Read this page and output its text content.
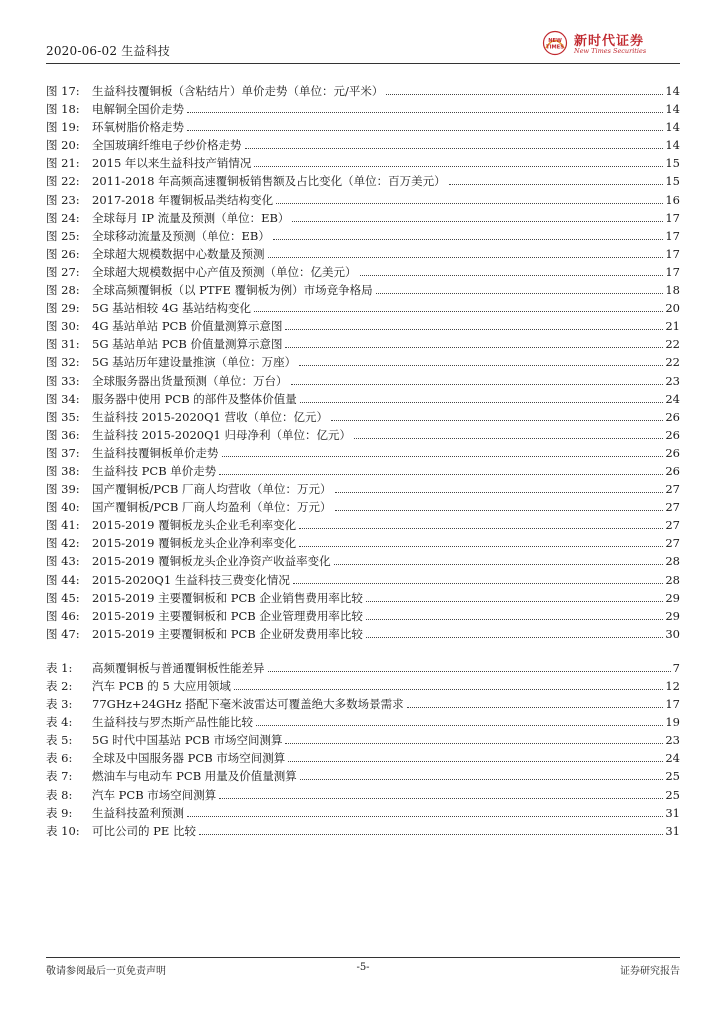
2020-06-02 生益科技
NEW
TIMES 新时代证券
New Times Securities
图 17:	生益科技覆铜板（含粘结片）单价走势（单位：元/平米）	14
图 18:	电解铜全国价走势	14
图 19:	环氧树脂价格走势	14
图 20:	全国玻璃纤维电子纱价格走势	14
图 21:	2015 年以来生益科技产销情况	15
图 22:	2011-2018 年高频高速覆铜板销售额及占比变化（单位：百万美元）	15
图 23:	2017-2018 年覆铜板品类结构变化	16
图 24:	全球每月 IP 流量及预测（单位：EB）	17
图 25:	全球移动流量及预测（单位：EB）	17
图 26:	全球超大规模数据中心数量及预测	17
图 27:	全球超大规模数据中心产值及预测（单位：亿美元）	17
图 28:	全球高频覆铜板（以 PTFE 覆铜板为例）市场竞争格局	18
图 29:	5G 基站相较 4G 基站结构变化	20
图 30:	4G 基站单站 PCB 价值量测算示意图	21
图 31:	5G 基站单站 PCB 价值量测算示意图	22
图 32:	5G 基站历年建设量推演（单位：万座）	22
图 33:	全球服务器出货量预测（单位：万台）	23
图 34:	服务器中使用 PCB 的部件及整体价值量	24
图 35:	生益科技 2015-2020Q1 营收（单位：亿元）	26
图 36:	生益科技 2015-2020Q1 归母净利（单位：亿元）	26
图 37:	生益科技覆铜板单价走势	26
图 38:	生益科技 PCB 单价走势	26
图 39:	国产覆铜板/PCB 厂商人均营收（单位：万元）	27
图 40:	国产覆铜板/PCB 厂商人均盈利（单位：万元）	27
图 41:	2015-2019 覆铜板龙头企业毛利率变化	27
图 42:	2015-2019 覆铜板龙头企业净利率变化	27
图 43:	2015-2019 覆铜板龙头企业净资产收益率变化	28
图 44:	2015-2020Q1 生益科技三费变化情况	28
图 45:	2015-2019 主要覆铜板和 PCB 企业销售费用率比较	29
图 46:	2015-2019 主要覆铜板和 PCB 企业管理费用率比较	29
图 47:	2015-2019 主要覆铜板和 PCB 企业研发费用率比较	30
表 1:	高频覆铜板与普通覆铜板性能差异	7
表 2:	汽车 PCB 的 5 大应用领域	12
表 3:	77GHz+24GHz 搭配下毫米波雷达可覆盖绝大多数场景需求	17
表 4:	生益科技与罗杰斯产品性能比较	19
表 5:	5G 时代中国基站 PCB 市场空间测算	23
表 6:	全球及中国服务器 PCB 市场空间测算	24
表 7:	燃油车与电动车 PCB 用量及价值量测算	25
表 8:	汽车 PCB 市场空间测算	25
表 9:	生益科技盈利预测	31
表 10:	可比公司的 PE 比较	31
敬请参阅最后一页免责声明	-5-	证券研究报告
